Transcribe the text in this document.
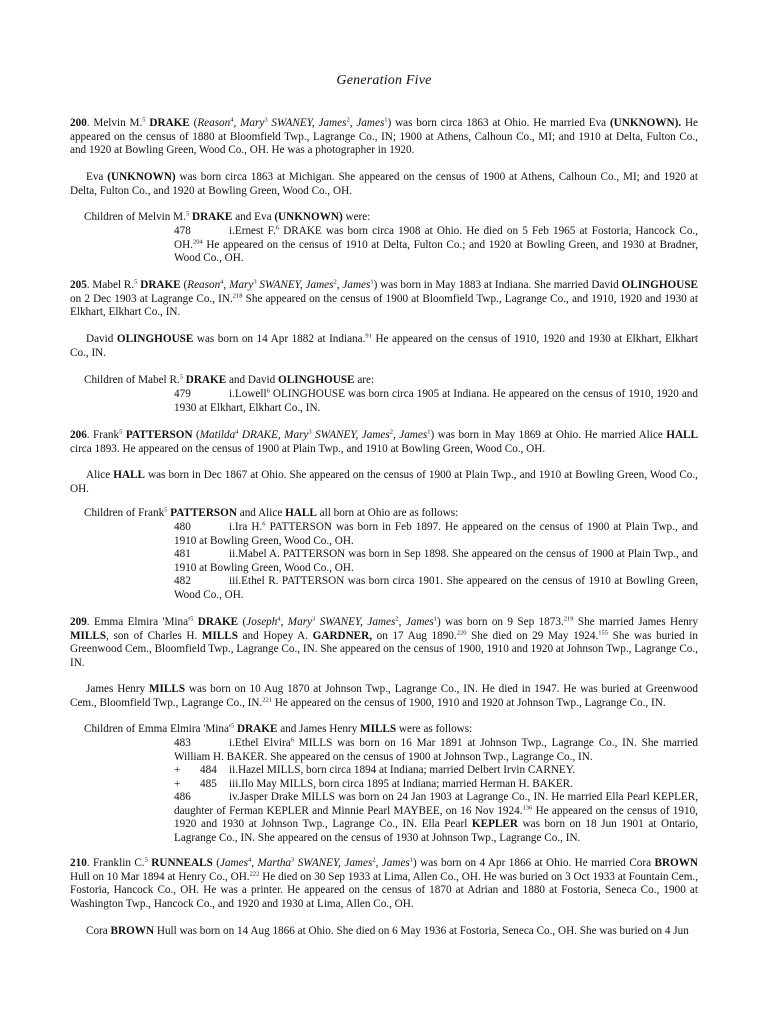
Generation Five
200. Melvin M.$^5$ DRAKE (Reason$^4$, Mary$^3$ SWANEY, James$^2$, James$^1$) was born circa 1863 at Ohio. He married Eva (UNKNOWN). He appeared on the census of 1880 at Bloomfield Twp., Lagrange Co., IN; 1900 at Athens, Calhoun Co., MI; and 1910 at Delta, Fulton Co., and 1920 at Bowling Green, Wood Co., OH. He was a photographer in 1920.
Eva (UNKNOWN) was born circa 1863 at Michigan. She appeared on the census of 1900 at Athens, Calhoun Co., MI; and 1920 at Delta, Fulton Co., and 1920 at Bowling Green, Wood Co., OH.
Children of Melvin M.$^5$ DRAKE and Eva (UNKNOWN) were:
478	i.Ernest F.$^6$ DRAKE was born circa 1908 at Ohio. He died on 5 Feb 1965 at Fostoria, Hancock Co., OH.$^{204}$ He appeared on the census of 1910 at Delta, Fulton Co.; and 1920 at Bowling Green, and 1930 at Bradner, Wood Co., OH.
205. Mabel R.$^5$ DRAKE (Reason$^4$, Mary$^3$ SWANEY, James$^2$, James$^1$) was born in May 1883 at Indiana. She married David OLINGHOUSE on 2 Dec 1903 at Lagrange Co., IN.$^{218}$ She appeared on the census of 1900 at Bloomfield Twp., Lagrange Co., and 1910, 1920 and 1930 at Elkhart, Elkhart Co., IN.
David OLINGHOUSE was born on 14 Apr 1882 at Indiana.$^{91}$ He appeared on the census of 1910, 1920 and 1930 at Elkhart, Elkhart Co., IN.
Children of Mabel R.$^5$ DRAKE and David OLINGHOUSE are:
479	i.Lowell$^6$ OLINGHOUSE was born circa 1905 at Indiana. He appeared on the census of 1910, 1920 and 1930 at Elkhart, Elkhart Co., IN.
206. Frank$^5$ PATTERSON (Matilda$^4$ DRAKE, Mary$^3$ SWANEY, James$^2$, James$^1$) was born in May 1869 at Ohio. He married Alice HALL circa 1893. He appeared on the census of 1900 at Plain Twp., and 1910 at Bowling Green, Wood Co., OH.
Alice HALL was born in Dec 1867 at Ohio. She appeared on the census of 1900 at Plain Twp., and 1910 at Bowling Green, Wood Co., OH.
Children of Frank$^5$ PATTERSON and Alice HALL all born at Ohio are as follows:
480	i.Ira H.$^6$ PATTERSON was born in Feb 1897. He appeared on the census of 1900 at Plain Twp., and 1910 at Bowling Green, Wood Co., OH.
481	ii.Mabel A. PATTERSON was born in Sep 1898. She appeared on the census of 1900 at Plain Twp., and 1910 at Bowling Green, Wood Co., OH.
482	iii.Ethel R. PATTERSON was born circa 1901. She appeared on the census of 1910 at Bowling Green, Wood Co., OH.
209. Emma Elmira '$Mina'^5$ DRAKE (Joseph$^4$, Mary$^3$ SWANEY, James$^2$, James$^1$) was born on 9 Sep 1873.$^{219}$ She married James Henry MILLS, son of Charles H. MILLS and Hopey A. GARDNER, on 17 Aug 1890.$^{220}$ She died on 29 May 1924.$^{155}$ She was buried in Greenwood Cem., Bloomfield Twp., Lagrange Co., IN. She appeared on the census of 1900, 1910 and 1920 at Johnson Twp., Lagrange Co., IN.
James Henry MILLS was born on 10 Aug 1870 at Johnson Twp., Lagrange Co., IN. He died in 1947. He was buried at Greenwood Cem., Bloomfield Twp., Lagrange Co., IN.$^{221}$ He appeared on the census of 1900, 1910 and 1920 at Johnson Twp., Lagrange Co., IN.
Children of Emma Elmira '$Mina'^5$ DRAKE and James Henry MILLS were as follows:
483	i.Ethel Elvira$^6$ MILLS was born on 16 Mar 1891 at Johnson Twp., Lagrange Co., IN. She married William H. BAKER. She appeared on the census of 1900 at Johnson Twp., Lagrange Co., IN.
+ 484 ii.Hazel MILLS, born circa 1894 at Indiana; married Delbert Irvin CARNEY.
+ 485 iii.Ilo May MILLS, born circa 1895 at Indiana; married Herman H. BAKER.
486	iv.Jasper Drake MILLS was born on 24 Jan 1903 at Lagrange Co., IN. He married Ella Pearl KEPLER, daughter of Ferman KEPLER and Minnie Pearl MAYBEE, on 16 Nov 1924.$^{136}$ He appeared on the census of 1910, 1920 and 1930 at Johnson Twp., Lagrange Co., IN. Ella Pearl KEPLER was born on 18 Jun 1901 at Ontario, Lagrange Co., IN. She appeared on the census of 1930 at Johnson Twp., Lagrange Co., IN.
210. Franklin C.$^5$ RUNNEALS (James$^4$, Martha$^3$ SWANEY, James$^2$, James$^1$) was born on 4 Apr 1866 at Ohio. He married Cora BROWN Hull on 10 Mar 1894 at Henry Co., OH.$^{222}$ He died on 30 Sep 1933 at Lima, Allen Co., OH. He was buried on 3 Oct 1933 at Fountain Cem., Fostoria, Hancock Co., OH. He was a printer. He appeared on the census of 1870 at Adrian and 1880 at Fostoria, Seneca Co., 1900 at Washington Twp., Hancock Co., and 1920 and 1930 at Lima, Allen Co., OH.
Cora BROWN Hull was born on 14 Aug 1866 at Ohio. She died on 6 May 1936 at Fostoria, Seneca Co., OH. She was buried on 4 Jun
